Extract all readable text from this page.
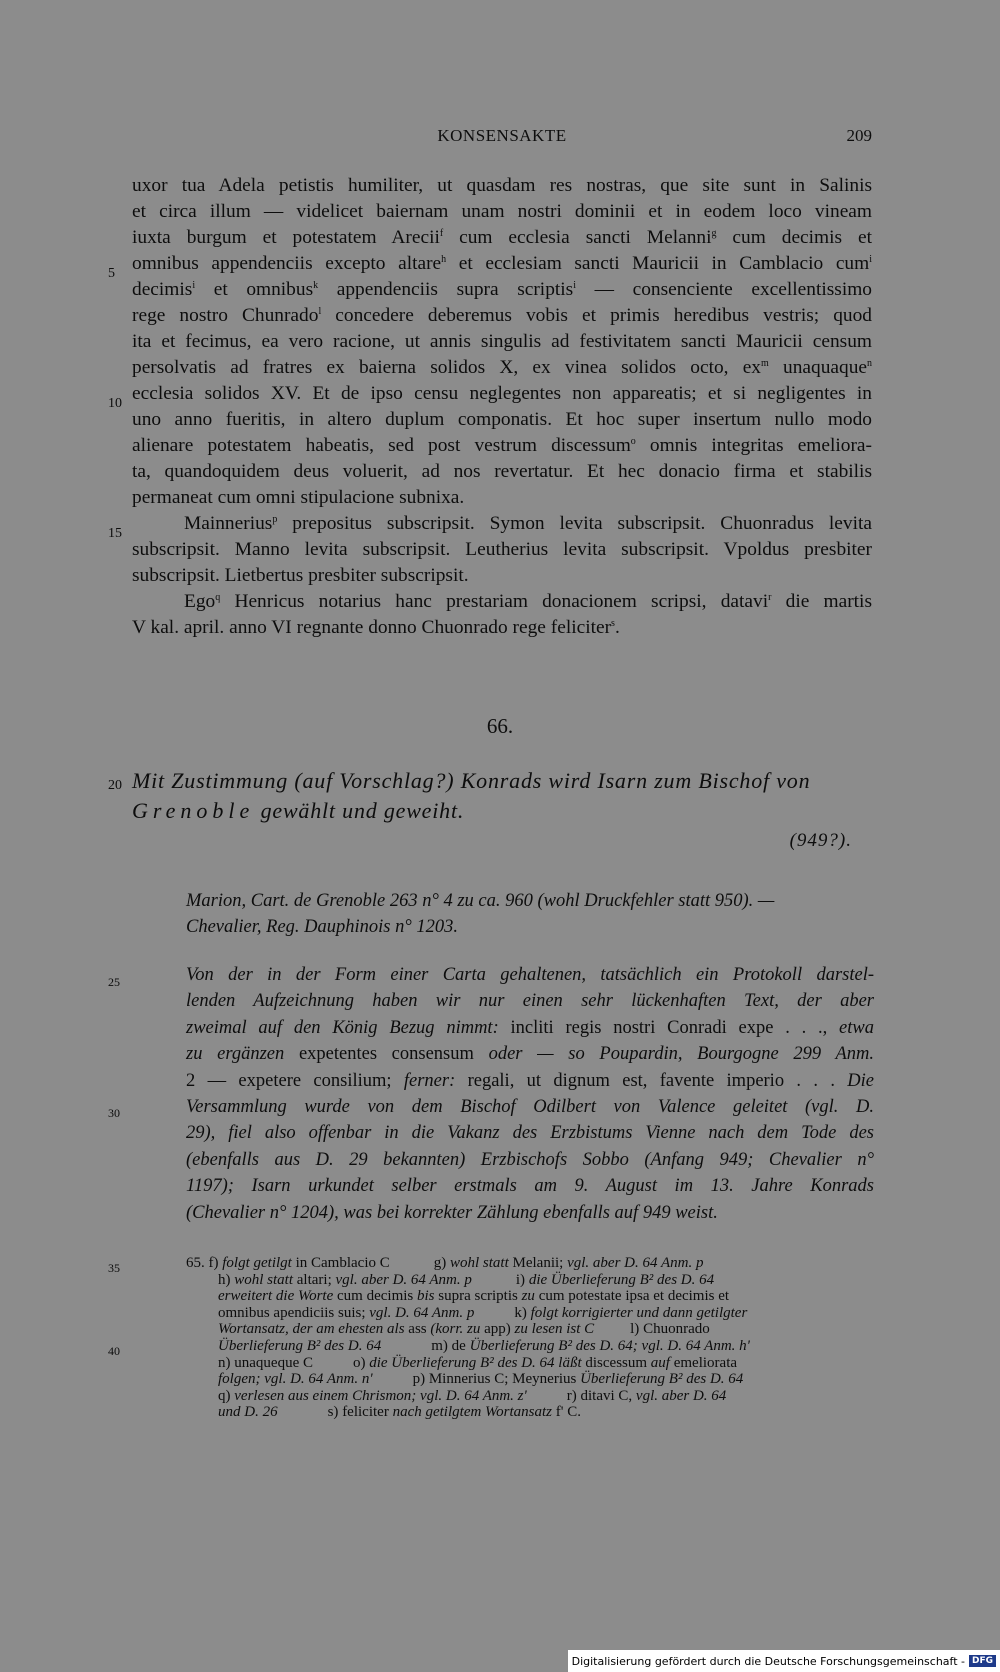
KONSENSAKTE	209
5
10
15
20
25
30
35
40
uxor tua Adela petistis humiliter, ut quasdam res nostras, que site sunt in Salinis
et circa illum — videlicet baiernam unam nostri dominii et in eodem loco vineam
iuxta burgum et potestatem Arecii$^f$ cum ecclesia sancti Melanni$^g$ cum decimis et
omnibus appendenciis excepto altare$^h$ et ecclesiam sancti Mauricii in Camblacio cum$^i$
decimis$^i$ et omnibus$^k$ appendenciis supra scriptis$^i$ — consenciente excellentissimo
rege nostro Chunrado$^l$ concedere deberemus vobis et primis heredibus vestris; quod
ita et fecimus, ea vero racione, ut annis singulis ad festivitatem sancti Mauricii censum
persolvatis ad fratres ex baierna solidos X, ex vinea solidos octo, $ex^m$ unaquaque$^n$
ecclesia solidos XV. Et de ipso censu neglegentes non appareatis; et si negligentes in
uno anno fueritis, in altero duplum componatis. Et hoc super insertum nullo modo
alienare potestatem habeatis, sed post vestrum discessum$^o$ omnis integritas emeliora-
ta, quandoquidem deus voluerit, ad nos revertatur. Et hec donacio firma et stabilis
permaneat cum omni stipulacione subnixa.
Mainnerius$^p$ prepositus subscripsit. Symon levita subscripsit. Chuonradus levita
subscripsit. Manno levita subscripsit. Leutherius levita subscripsit. Vpoldus presbiter
subscripsit. Lietbertus presbiter subscripsit.
Ego$^q$ Henricus notarius hanc prestariam donacionem scripsi, datavi$^r$ die martis
V kal. april. anno VI regnante donno Chuonrado rege feliciter$^s$.
66.
Mit Zustimmung (auf Vorschlag?) Konrads wird Isarn zum Bischof von
Grenoble gewählt und geweiht.
(949?).
Marion, Cart. de Grenoble 263 n° 4 zu ca. 960 (wohl Druckfehler statt 950). —
Chevalier, Reg. Dauphinois n° 1203.
Von der in der Form einer Carta gehaltenen, tatsächlich ein Protokoll darstel-
lenden Aufzeichnung haben wir nur einen sehr lückenhaften Text, der aber
zweimal auf den König Bezug nimmt: incliti regis nostri Conradi expe . . ., etwa
zu ergänzen expetentes consensum oder — so Poupardin, Bourgogne 299 Anm.
2 — expetere consilium; ferner: regali, ut dignum est, favente imperio . . . Die
Versammlung wurde von dem Bischof Odilbert von Valence geleitet (vgl. D.
29), fiel also offenbar in die Vakanz des Erzbistums Vienne nach dem Tode des
(ebenfalls aus D. 29 bekannten) Erzbischofs Sobbo (Anfang 949; Chevalier n°
1197); Isarn urkundet selber erstmals am 9. August im 13. Jahre Konrads
(Chevalier n° 1204), was bei korrekter Zählung ebenfalls auf 949 weist.
65. f) folgt getilgt in Camblacio C	g) wohl statt Melanii; vgl. aber D. 64 Anm. p
h) wohl statt altari; vgl. aber D. 64 Anm. p	i) die Überlieferung B² des D. 64
erweitert die Worte cum decimis bis supra scriptis zu cum potestate ipsa et decimis et
omnibus apendiciis suis; vgl. D. 64 Anm. p	k) folgt korrigierter und dann getilgter
Wortansatz, der am ehesten als ass (korr. zu app) zu lesen ist C l) Chuonrado
Überlieferung B² des D. 64	m) de Überlieferung B² des D. 64; vgl. D. 64 Anm. h'
n) unaqueque C	o) die Überlieferung B² des D. 64 läßt discessum auf emeliorata
folgen; vgl. D. 64 Anm. n'	p) Minnerius C; Meynerius Überlieferung B² des D. 64
q) verlesen aus einem Chrismon; vgl. D. 64 Anm. z'	r) ditavi C, vgl. aber D. 64
und D. 26	s) feliciter nach getilgtem Wortansatz f' C.
Digitalisierung gefördert durch die Deutsche Forschungsgemeinschaft - DFG
